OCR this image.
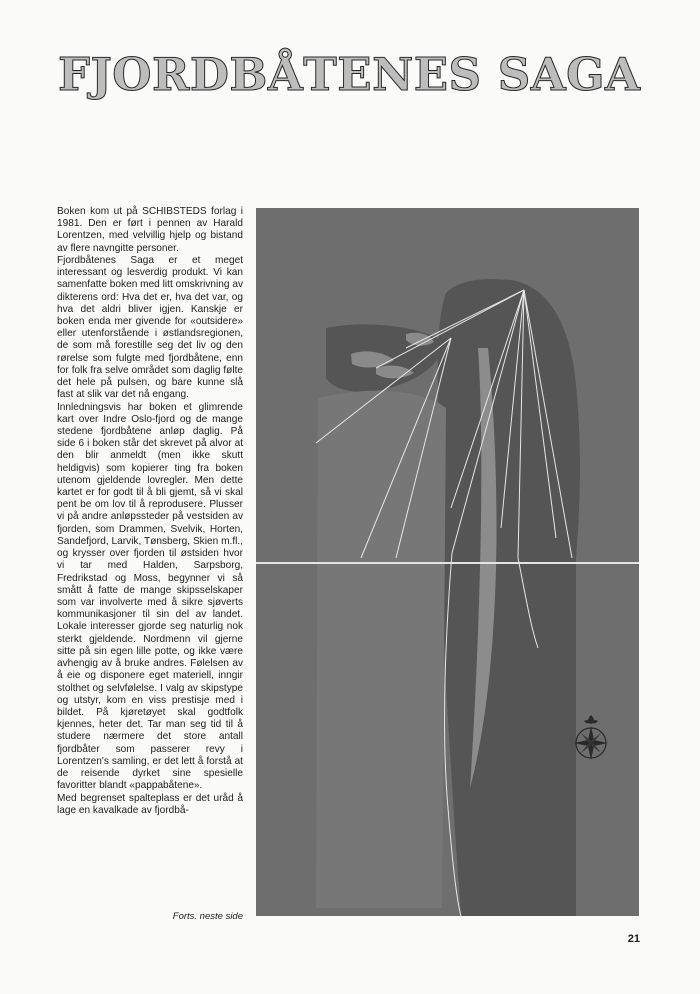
FJORDBÅTENES SAGA

Boken kom ut på SCHIBSTEDS forlag i 1981. Den er ført i pennen av Harald Lorentzen, med velvillig hjelp og bistand av flere navngitte personer.

Fjordbåtenes Saga er et meget interessant og lesverdig produkt. Vi kan samenfatte boken med litt omskrivning av dikterens ord: Hva det er, hva det var, og hva det aldri bliver igjen. Kanskje er boken enda mer givende for «outsidere» eller utenforstående i østlandsregionen, de som må forestille seg det liv og den rørelse som fulgte med fjordbåtene, enn for folk fra selve området som daglig følte det hele på pulsen, og bare kunne slå fast at slik var det nå engang.

Innledningsvis har boken et glimrende kart over Indre Oslo-fjord og de mange stedene fjordbåtene anløp daglig. På side 6 i boken står det skrevet på alvor at den blir anmeldt (men ikke skutt heldigvis) som kopierer ting fra boken utenom gjeldende lovregler. Men dette kartet er for godt til å bli gjemt, så vi skal pent be om lov til å reprodusere. Plusser vi på andre anløpssteder på vestsiden av fjorden, som Drammen, Svelvik, Horten, Sandefjord, Larvik, Tønsberg, Skien m.fl., og krysser over fjorden til østsiden hvor vi tar med Halden, Sarpsborg, Fredrikstad og Moss, begynner vi så smått å fatte de mange skipsselskaper som var involverte med å sikre sjøverts kommunikasjoner til sin del av landet. Lokale interesser gjorde seg naturlig nok sterkt gjeldende. Nordmenn vil gjerne sitte på sin egen lille potte, og ikke være avhengig av å bruke andres. Følelsen av å eie og disponere eget materiell, inngir stolthet og selvfølelse. I valg av skipstype og utstyr, kom en viss prestisje med i bildet. På kjøretøyet skal godtfolk kjennes, heter det. Tar man seg tid til å studere nærmere det store antall fjordbåter som passerer revy i Lorentzen's samling, er det lett å forstå at de reisende dyrket sine spesielle favoritter blandt «pappabåtene».

Med begrenset spalteplass er det uråd å lage en kavalkade av fjordbå-

Forts. neste side
21
